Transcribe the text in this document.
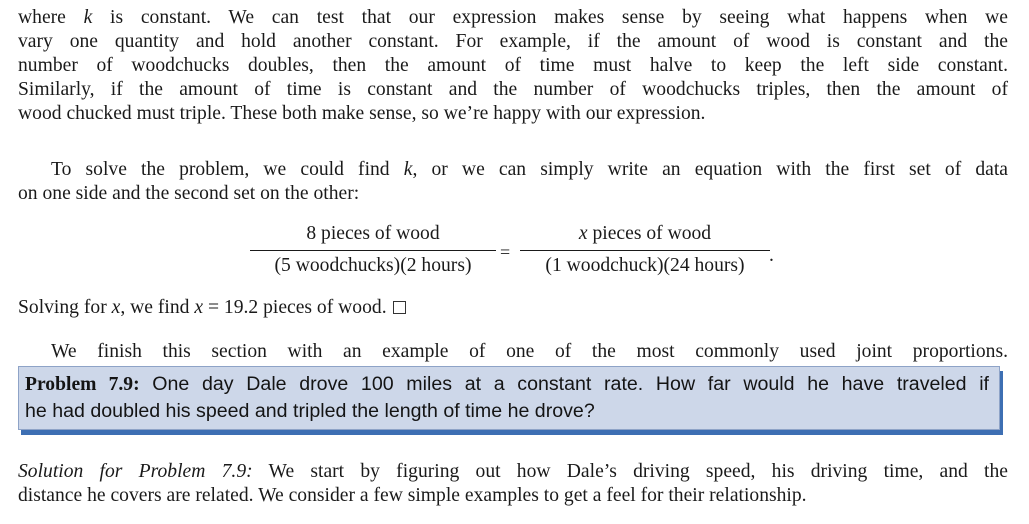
where k is constant. We can test that our expression makes sense by seeing what happens when we
vary one quantity and hold another constant. For example, if the amount of wood is constant and the
number of woodchucks doubles, then the amount of time must halve to keep the left side constant.
Similarly, if the amount of time is constant and the number of woodchucks triples, then the amount of
wood chucked must triple. These both make sense, so we’re happy with our expression.
To solve the problem, we could find k, or we can simply write an equation with the first set of data
on one side and the second set on the other:
8 pieces of wood
(5 woodchucks)(2 hours)
=
x pieces of wood
(1 woodchuck)(24 hours)	.
Solving for x, we find x = 19.2 pieces of wood.
We finish this section with an example of one of the most commonly used joint proportions.
Problem 7.9: One day Dale drove 100 miles at a constant rate. How far would he have traveled if
he had doubled his speed and tripled the length of time he drove?
Solution for Problem 7.9: We start by figuring out how Dale’s driving speed, his driving time, and the
distance he covers are related. We consider a few simple examples to get a feel for their relationship.
